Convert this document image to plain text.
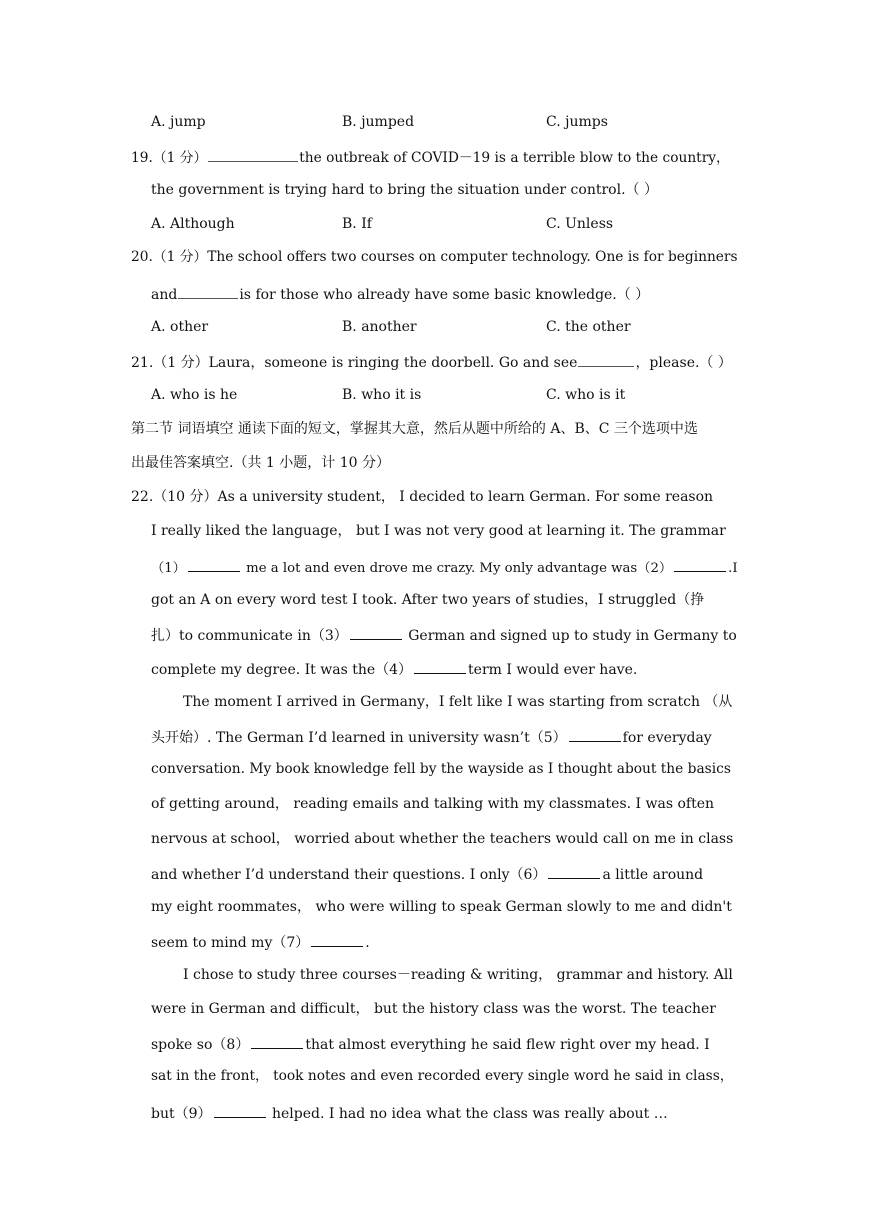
A. jump	B. jumped	C. jumps
19.（1 分）	the outbreak of COVID－19 is a terrible blow to the country，
the government is trying hard to bring the situation under control.（ ）
A. Although	B. If	C. Unless
20.（1 分）The school offers two courses on computer technology. One is for beginners
and	is for those who already have some basic knowledge.（ ）
A. other	B. another	C. the other
21.（1 分）Laura，someone is ringing the doorbell. Go and see	，please.（ ）
A. who is he	B. who it is	C. who is it
第二节 词语填空 通读下面的短文，掌握其大意，然后从题中所给的 A、B、C 三个选项中选
出最佳答案填空.（共 1 小题，计 10 分）
22.（10 分）As a university student， I decided to learn German. For some reason
I really liked the language， but I was not very good at learning it. The grammar
（1）	me a lot and even drove me crazy. My only advantage was（2）	.I
got an A on every word test I took. After two years of studies，I struggled（挣
扎）to communicate in（3）	German and signed up to study in Germany to
complete my degree. It was the（4）	term I would ever have.
The moment I arrived in Germany，I felt like I was starting from scratch （从
头开始）. The German I’d learned in university wasn’t（5）	for everyday
conversation. My book knowledge fell by the wayside as I thought about the basics
of getting around， reading emails and talking with my classmates. I was often
nervous at school， worried about whether the teachers would call on me in class
and whether I’d understand their questions. I only（6）	a little around
my eight roommates， who were willing to speak German slowly to me and didn't
seem to mind my（7）	.
I chose to study three courses－reading & writing， grammar and history. All
were in German and difficult， but the history class was the worst. The teacher
spoke so（8）	that almost everything he said flew right over my head. I
sat in the front， took notes and even recorded every single word he said in class，
but（9）	helped. I had no idea what the class was really about …
